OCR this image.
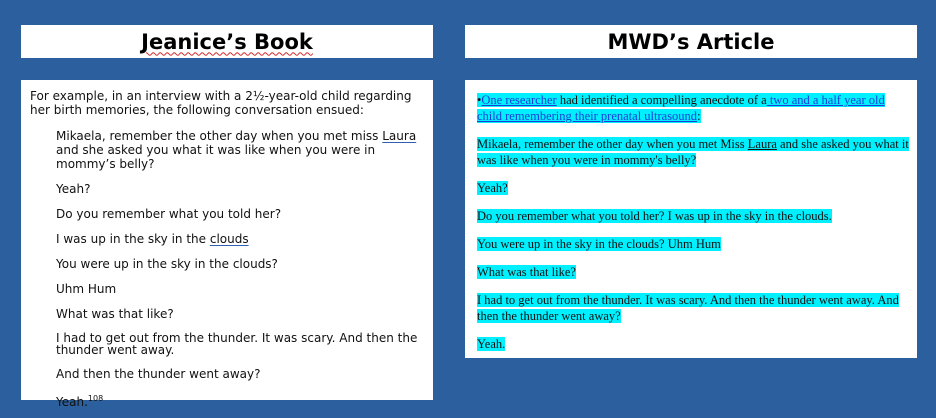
Jeanice’s Book	MWD’s Article
For example, in an interview with a 2½-year-old child regarding her birth memories, the following conversation ensued:
Mikaela, remember the other day when you met miss Laura and she asked you what it was like when you were in mommy’s belly?
Yeah?
Do you remember what you told her?
I was up in the sky in the clouds
You were up in the sky in the clouds?
Uhm Hum
What was that like?
I had to get out from the thunder. It was scary. And then the thunder went away.
And then the thunder went away?
Yeah.$^{108}$
•One researcher had identified a compelling anecdote of a two and a half year old child remembering their prenatal ultrasound:
Mikaela, remember the other day when you met Miss Laura and she asked you what it was like when you were in mommy's belly?
Yeah?
Do you remember what you told her? I was up in the sky in the clouds.
You were up in the sky in the clouds? Uhm Hum
What was that like?
I had to get out from the thunder. It was scary. And then the thunder went away. And then the thunder went away?
Yeah.
